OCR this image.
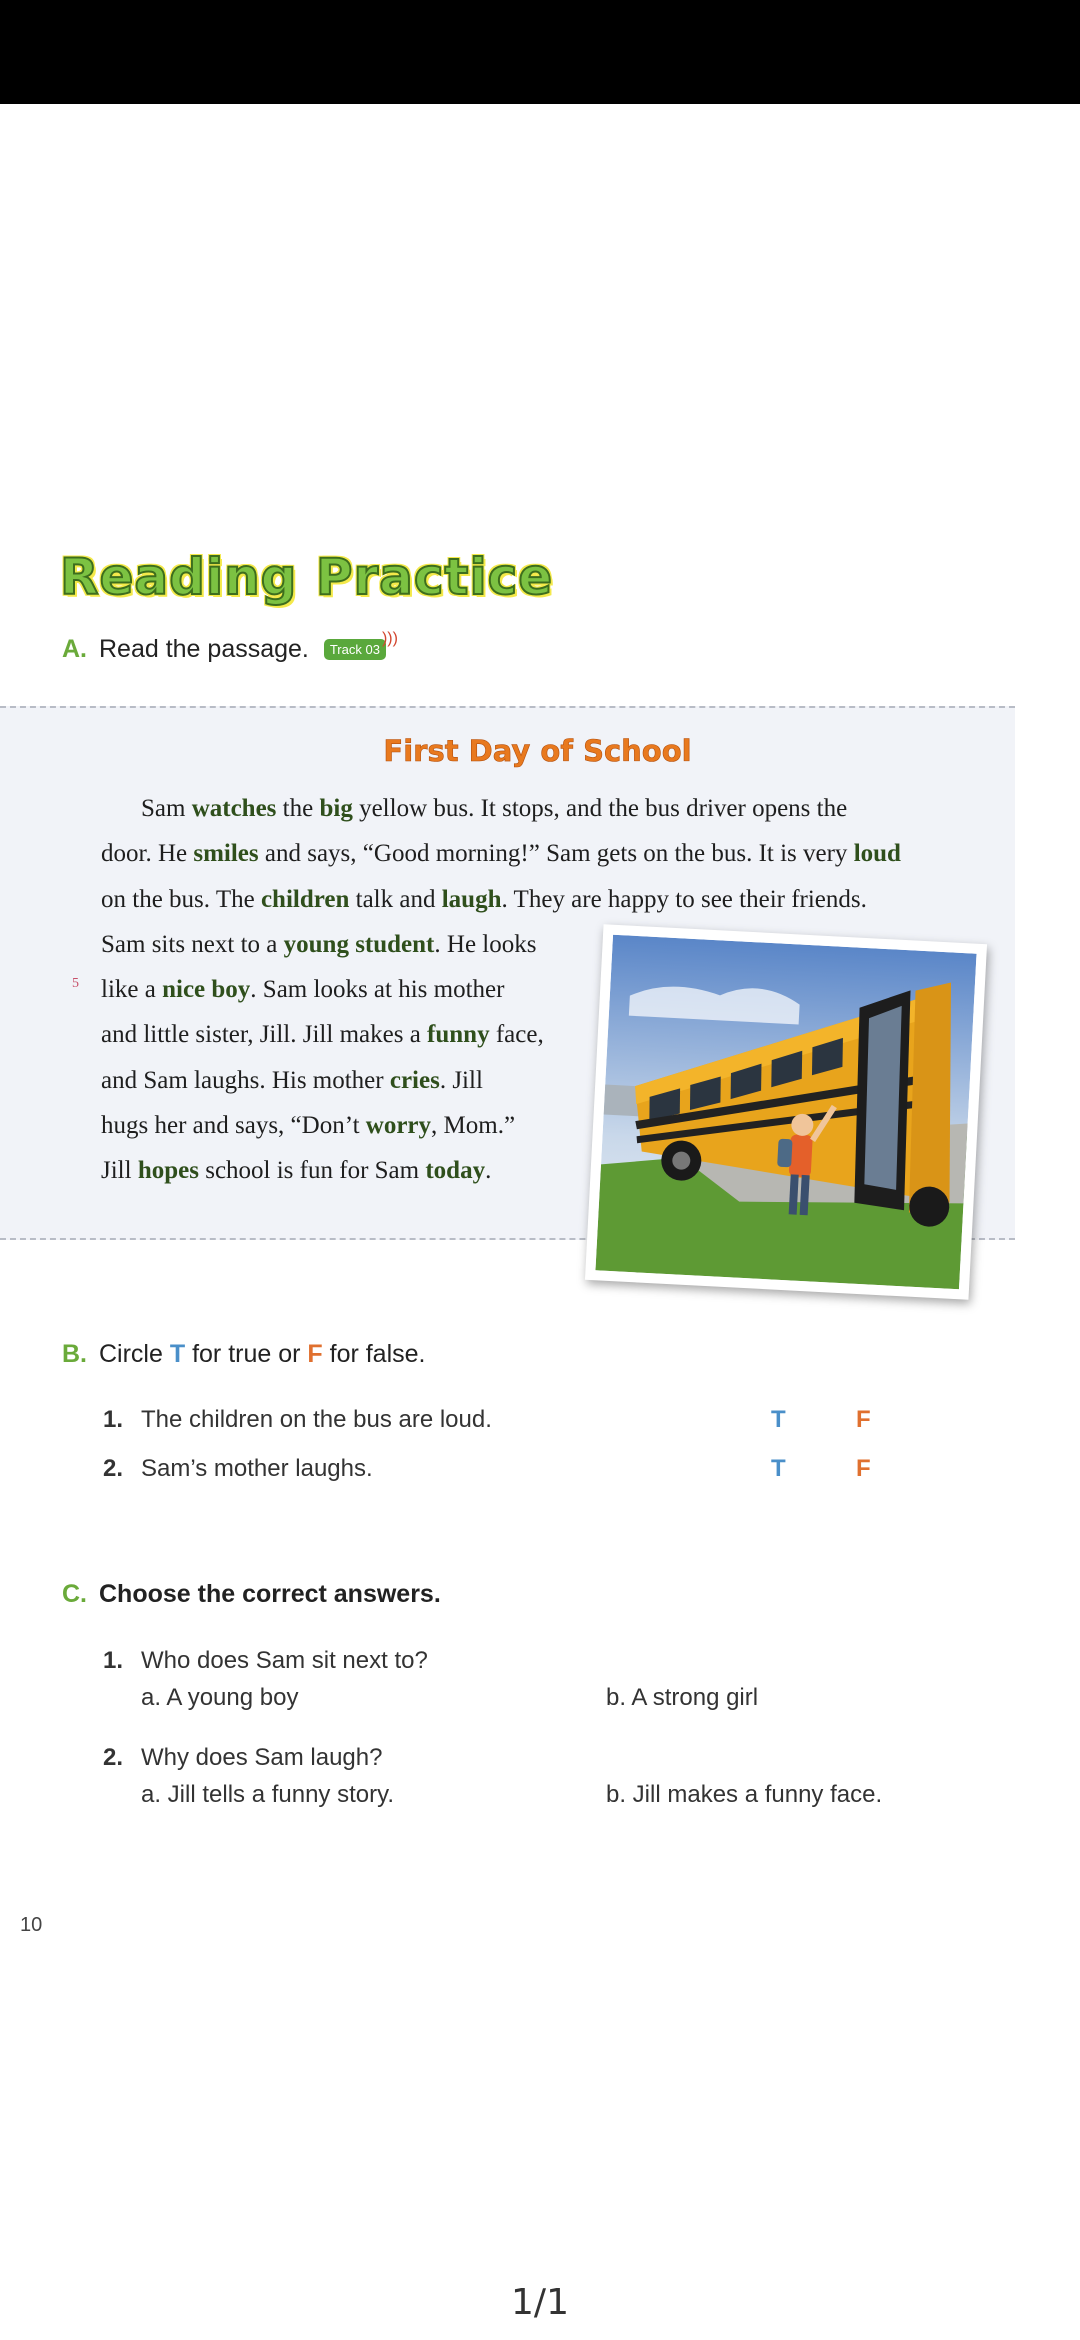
Reading Practice
A. Read the passage. Track 03)))
First Day of School
5
Sam watches the big yellow bus. It stops, and the bus driver opens the
door. He smiles and says, “Good morning!” Sam gets on the bus. It is very loud
on the bus. The children talk and laugh. They are happy to see their friends.
Sam sits next to a young student. He looks
like a nice boy. Sam looks at his mother
and little sister, Jill. Jill makes a funny face,
and Sam laughs. His mother cries. Jill
hugs her and says, “Don’t worry, Mom.”
Jill hopes school is fun for Sam today.
B. Circle T for true or F for false.
1. The children on the bus are loud.	T	F
2. Sam’s mother laughs.	T	F
C. Choose the correct answers.
1. Who does Sam sit next to?
a. A young boy	b. A strong girl
2. Why does Sam laugh?
a. Jill tells a funny story.	b. Jill makes a funny face.
10
1/1
